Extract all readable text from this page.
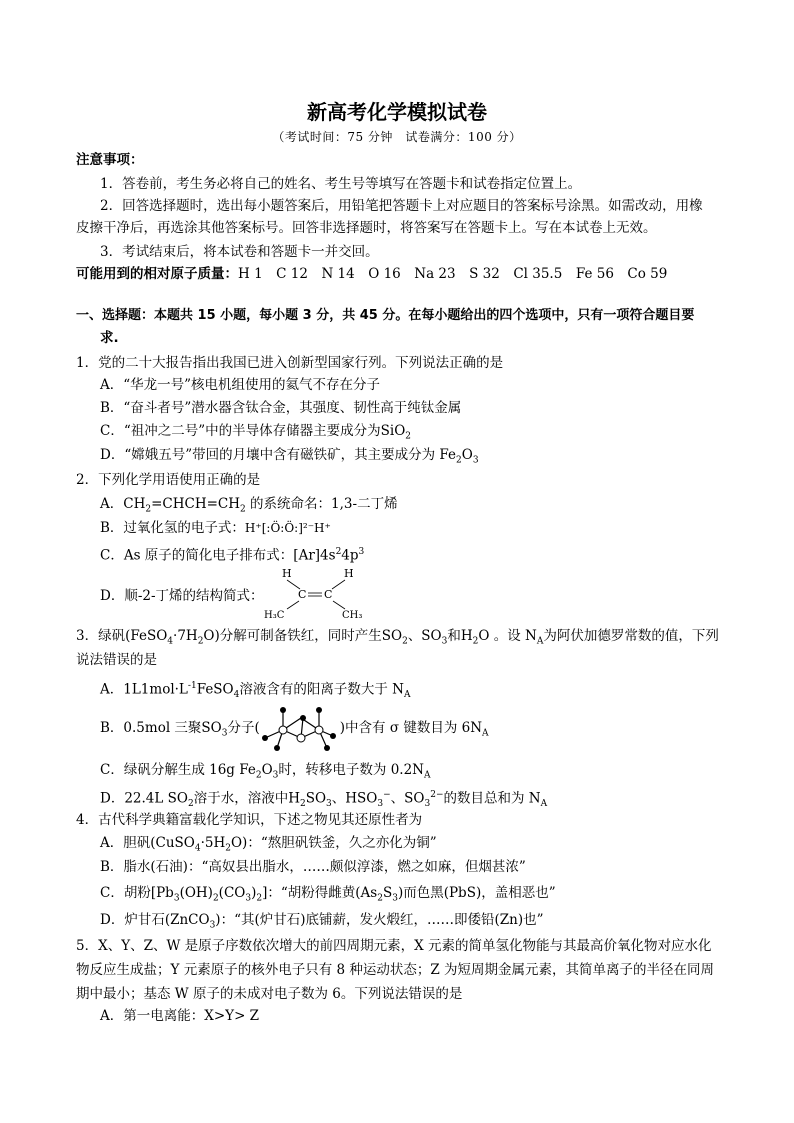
新高考化学模拟试卷
（考试时间：75 分钟　试卷满分：100 分）
注意事项：
1．答卷前，考生务必将自己的姓名、考生号等填写在答题卡和试卷指定位置上。
2．回答选择题时，选出每小题答案后，用铅笔把答题卡上对应题目的答案标号涂黑。如需改动，用橡
皮擦干净后，再选涂其他答案标号。回答非选择题时，将答案写在答题卡上。写在本试卷上无效。
3．考试结束后，将本试卷和答题卡一并交回。
可能用到的相对原子质量：H 1　C 12　N 14　O 16　Na 23　S 32　Cl 35.5　Fe 56　Co 59
一、选择题：本题共 15 小题，每小题 3 分，共 45 分。在每小题给出的四个选项中，只有一项符合题目要
求.
1．党的二十大报告指出我国已进入创新型国家行列。下列说法正确的是
A．“华龙一号”核电机组使用的氦气不存在分子
B．“奋斗者号”潜水器含钛合金，其强度、韧性高于纯钛金属
C．“祖冲之二号”中的半导体存储器主要成分为SiO$_2$
D．“嫦娥五号”带回的月壤中含有磁铁矿，其主要成分为 $Fe_2O_3$
2．下列化学用语使用正确的是
A．$CH_2=CHCH=CH_2$ 的系统命名：1,3-二丁烯
B．过氧化氢的电子式：H⁺[:Ö:Ö:]²⁻H⁺
C．As 原子的简化电子排布式：$[Ar]4s^24p^3$
D．顺-2-丁烯的结构简式：
H	H
C C
H₃C	CH₃
3．绿矾$(FeSO_4\cdot 7H_2O)$分解可制备铁红，同时产生$SO_2$、$SO_3$和$H_2O$ 。设 $N_A$为阿伏加德罗常数的值，下列
说法错误的是
A．$1L1mol\cdot L^{-1}FeSO_4$溶液含有的阳离子数大于 $N_A$
B．0.5mol 三聚$SO_3$分子(	)中含有 σ 键数目为 $6N_A$
C．绿矾分解生成 16g $Fe_2O_3$时，转移电子数为 $0.2N_A$
D．22.4L $SO_2$溶于水，溶液中$H_2SO_3$、$HSO_3^-$、$SO_3^{2-}$的数目总和为 $N_A$
4．古代科学典籍富载化学知识，下述之物见其还原性者为
A．胆矾$(CuSO_4\cdot 5H_2O)$：“熬胆矾铁釜，久之亦化为铜”
B．脂水(石油)：“高奴县出脂水，……颇似淳漆，燃之如麻，但烟甚浓”
C．胡粉$[Pb_3(OH)_2(CO_3)_2]$：“胡粉得雌黄$(As_2S_3)$而色黑(PbS)，盖相恶也”
D．炉甘石(ZnCO$_3$)：“其(炉甘石)底铺薪，发火煅红，……即倭铅(Zn)也”
5．X、Y、Z、W 是原子序数依次增大的前四周期元素，X 元素的简单氢化物能与其最高价氧化物对应水化
物反应生成盐；Y 元素原子的核外电子只有 8 种运动状态；Z 为短周期金属元素，其简单离子的半径在同周
期中最小；基态 W 原子的未成对电子数为 6。下列说法错误的是
A．第一电离能：X>Y> Z
